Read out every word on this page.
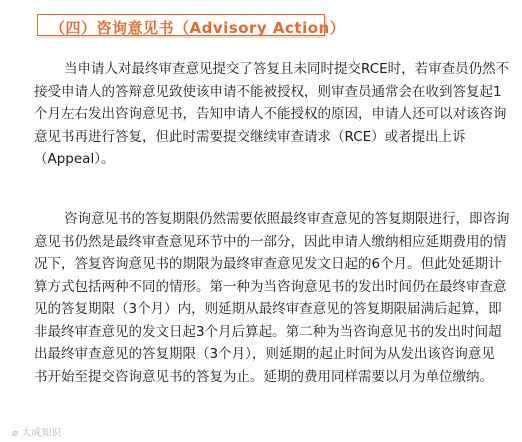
（四）咨询意见书（Advisory Action）
当申请人对最终审查意见提交了答复且未同时提交RCE时，若审查员仍然不
接受申请人的答辩意见致使该申请不能被授权，则审查员通常会在收到答复起1
个月左右发出咨询意见书，告知申请人不能授权的原因，申请人还可以对该咨询
意见书再进行答复，但此时需要提交继续审查请求（RCE）或者提出上诉
（Appeal）。
咨询意见书的答复期限仍然需要依照最终审查意见的答复期限进行，即咨询
意见书仍然是最终审查意见环节中的一部分，因此申请人缴纳相应延期费用的情
况下，答复咨询意见书的期限为最终审查意见发文日起的6个月。但此处延期计
算方式包括两种不同的情形。第一种为当咨询意见书的发出时间仍在最终审查意
见的答复期限（3个月）内，则延期从最终审查意见的答复期限届满后起算，即
非最终审查意见的发文日起3个月后算起。第二种为当咨询意见书的发出时间超
出最终审查意见的答复期限（3个月），则延期的起止时间为从发出该咨询意见
书开始至提交咨询意见书的答复为止。延期的费用同样需要以月为单位缴纳。
⌀ 大成知识
